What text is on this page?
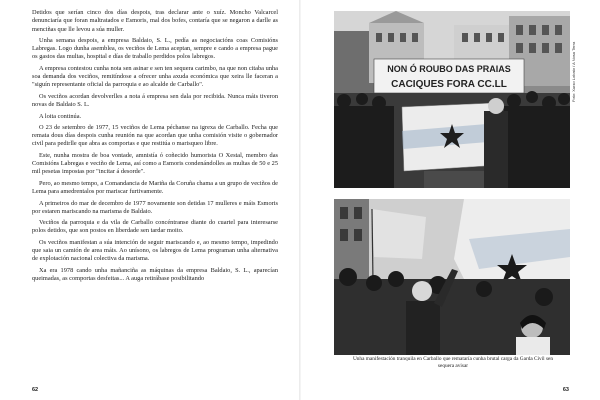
Detidos que serían cinco dos días despois, tras declarar ante o xuíz. Moncho Valcarcel denunciaría que foran maltratados e Esmoris, mal dos bofes, contaría que se negaron a darlle as menciñas que lle levou a súa muller.

Unha semana despois, a empresa Baldaio, S. L., pedía as negociacións coas Comisións Labregas. Logo dunha asemblea, os veciños de Lema aceptan, sempre e cando a empresa pague os gastos das multas, hospital e días de traballo perdidos polos labregos.

A empresa contestou cunha nota sen asinar e sen ten sequera carimbo, na que non citaba unha soa demanda dos veciños, remitíndose a ofrecer unha axuda económica que xeira lle faceran a "siguín representante oficial da parroquia e ao alcalde de Carballo".

Os veciños acordan devolverlles a nota á empresa sen dala por recibida. Nunca máis tiveron novas de Baldaio S. L.

A loita continúa.

O 23 de setembro de 1977, 15 veciños de Lema péchanse na igrexa de Carballo. Fecha que remata dous días despois cunha reunión na que acordan que unha comisión visite o gobernador civil para pedirlle que abra as comportas e que restitúa o marisqueo libre.

Este, nunha mostra de boa vontade, amnistía ó coñecido humorista O Xestal, membro das Comisións Labregas e veciño de Lema, así como a Esmoris condenándolles as multas de 50 e 25 mil pesetas impostas por "incitar á desorde".

Pero, ao mesmo tempo, a Comandancia de Mariña da Coruña chama a un grupo de veciños de Lema para amedrentalos por mariscar furtivamente.

A primeiros do mar de decembro de 1977 novamente son detidas 17 mulleres e máis Esmoris por estaren mariscando na marisma de Baldaio.

Veciños da parroquia e da vila de Carballo concéntranse diante do cuartel para interesarse polos detidos, que son postos en liberdade sen tardar moito.

Os veciños manifestan a súa intención de seguir mariscando e, ao mesmo tempo, impedindo que saia un camión de area máis. Ao unísono, os labregos de Lema programan unha alternativa de explotación nacional colectiva da marisma.

Xa era 1978 cando unha mañanciña as máquinas da empresa Baldaio, S. L., aparecían queimadas, as comportas desfeitas... A auga retirábase posibilitando

62
NON Ó ROUBO DAS PRAIAS
CACIQUES FORA CC.LL	Foto: Xurxo Lobato / A Nosa Terra
Unha manifestación tranquila en Carballo que remataría cunha brutal carga da Garda Civil sen sequera avisar
63
